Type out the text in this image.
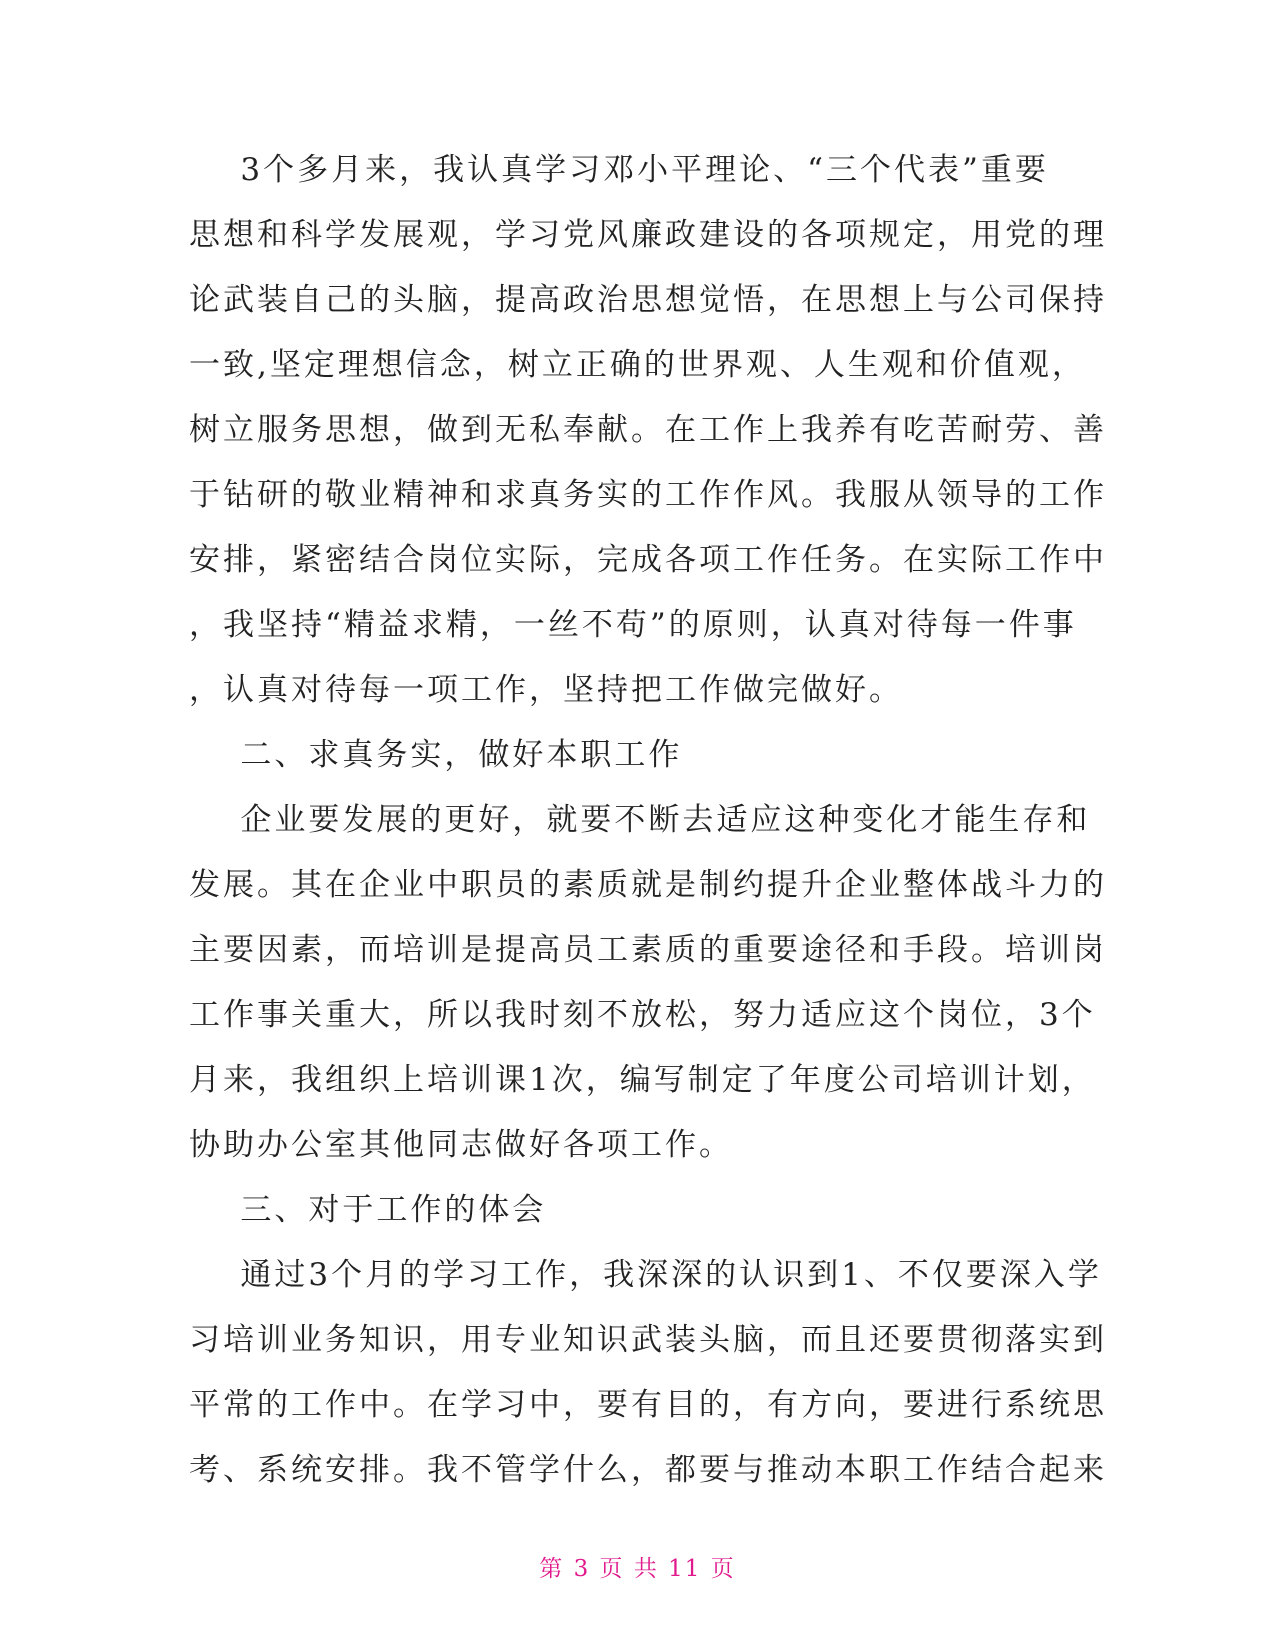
3个多月来，我认真学习邓小平理论、“三个代表”重要

思想和科学发展观，学习党风廉政建设的各项规定，用党的理

论武装自己的头脑，提高政治思想觉悟，在思想上与公司保持

一致,坚定理想信念，树立正确的世界观、人生观和价值观，

树立服务思想，做到无私奉献。在工作上我养有吃苦耐劳、善

于钻研的敬业精神和求真务实的工作作风。我服从领导的工作

安排，紧密结合岗位实际，完成各项工作任务。在实际工作中

，我坚持“精益求精，一丝不苟”的原则，认真对待每一件事

，认真对待每一项工作，坚持把工作做完做好。

二、求真务实，做好本职工作

企业要发展的更好，就要不断去适应这种变化才能生存和

发展。其在企业中职员的素质就是制约提升企业整体战斗力的

主要因素，而培训是提高员工素质的重要途径和手段。培训岗

工作事关重大，所以我时刻不放松，努力适应这个岗位，3个

月来，我组织上培训课1次，编写制定了年度公司培训计划，

协助办公室其他同志做好各项工作。

三、对于工作的体会

通过3个月的学习工作，我深深的认识到1、不仅要深入学

习培训业务知识，用专业知识武装头脑，而且还要贯彻落实到

平常的工作中。在学习中，要有目的，有方向，要进行系统思

考、系统安排。我不管学什么，都要与推动本职工作结合起来

第 3 页 共 11 页
